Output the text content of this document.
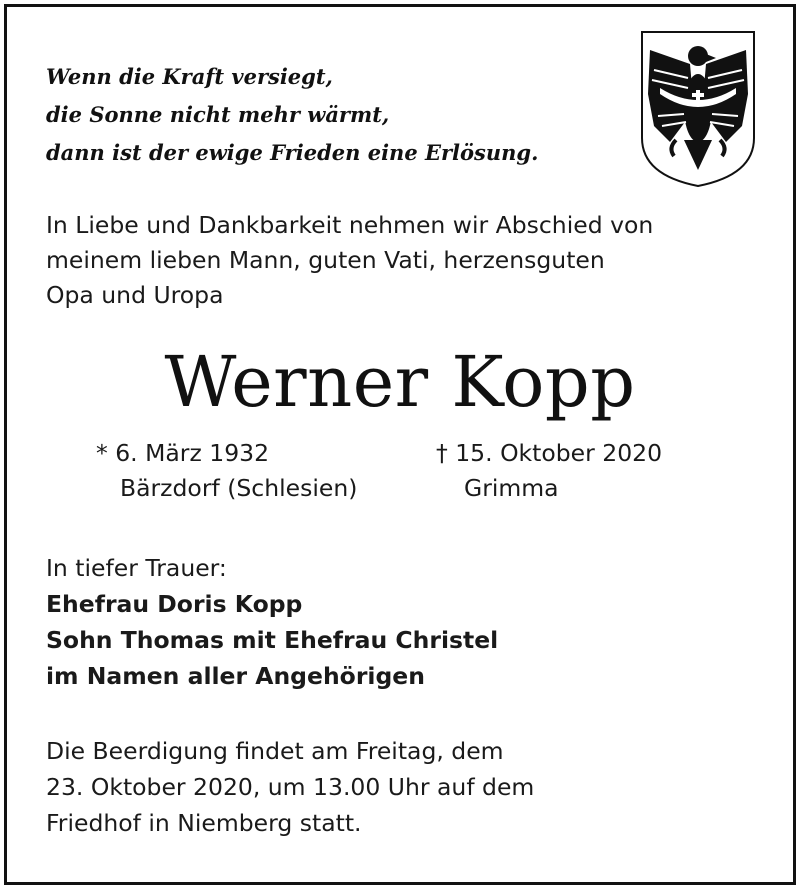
Wenn die Kraft versiegt,
die Sonne nicht mehr wärmt,
dann ist der ewige Frieden eine Erlösung.
In Liebe und Dankbarkeit nehmen wir Abschied von
meinem lieben Mann, guten Vati, herzensguten
Opa und Uropa
Werner Kopp
* 6. März 1932
Bärzdorf (Schlesien)
† 15. Oktober 2020
Grimma
In tiefer Trauer:
Ehefrau Doris Kopp
Sohn Thomas mit Ehefrau Christel
im Namen aller Angehörigen
Die Beerdigung findet am Freitag, dem
23. Oktober 2020, um 13.00 Uhr auf dem
Friedhof in Niemberg statt.
